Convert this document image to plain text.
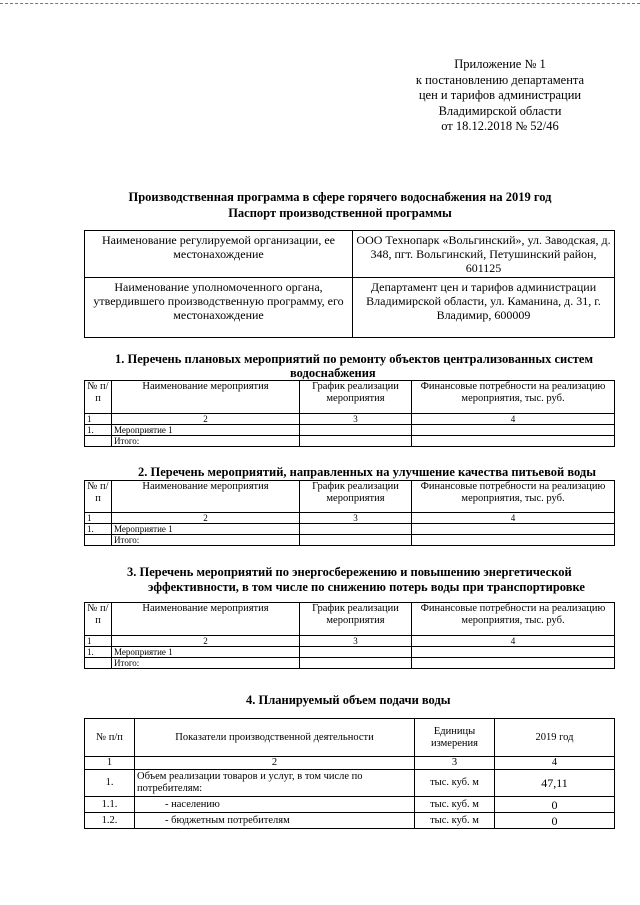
Приложение № 1
к постановлению департамента
цен и тарифов администрации
Владимирской области
от 18.12.2018 № 52/46
Производственная программа в сфере горячего водоснабжения на 2019 год
Паспорт производственной программы
Наименование регулируемой организации, ее местонахождение	ООО Технопарк «Вольгинский», ул. Заводская, д. 348, пгт. Вольгинский, Петушинский район, 601125
Наименование уполномоченного органа, утвердившего производственную программу, его местонахождение	Департамент цен и тарифов администрации Владимирской области, ул. Каманина, д. 31, г. Владимир, 600009
1. Перечень плановых мероприятий по ремонту объектов централизованных систем
водоснабжения
№ п/п	Наименование мероприятия	График реализации мероприятия	Финансовые потребности на реализацию мероприятия, тыс. руб.
1	2	3	4
1.	Мероприятие 1		
	Итого:		
2. Перечень мероприятий, направленных на улучшение качества питьевой воды
№ п/п	Наименование мероприятия	График реализации мероприятия	Финансовые потребности на реализацию мероприятия, тыс. руб.
1	2	3	4
1.	Мероприятие 1		
	Итого:		
3. Перечень мероприятий по энергосбережению и повышению энергетической
эффективности, в том числе по снижению потерь воды при транспортировке
№ п/п	Наименование мероприятия	График реализации мероприятия	Финансовые потребности на реализацию мероприятия, тыс. руб.
1	2	3	4
1.	Мероприятие 1		
	Итого:		
4. Планируемый объем подачи воды
№ п/п	Показатели производственной деятельности	Единицы измерения	2019 год
1	2	3	4
1.	Объем реализации товаров и услуг, в том числе по потребителям:	тыс. куб. м	47,11
1.1.	- населению	тыс. куб. м	0
1.2.	- бюджетным потребителям	тыс. куб. м	0
